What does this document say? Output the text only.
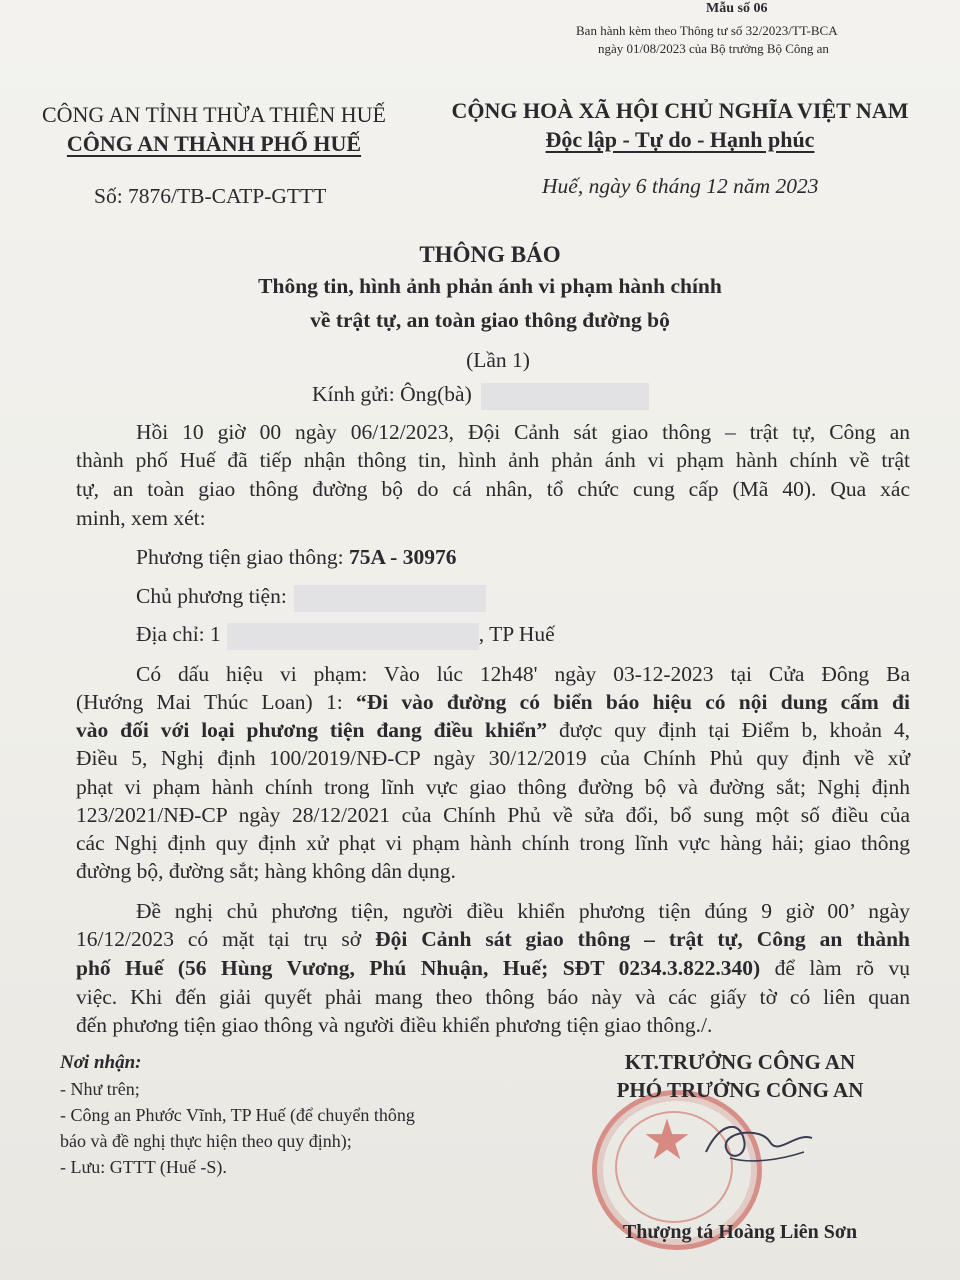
Mẫu số 06
Ban hành kèm theo Thông tư số 32/2023/TT-BCA
ngày 01/08/2023 của Bộ trưởng Bộ Công an
CÔNG AN TỈNH THỪA THIÊN HUẾ
CÔNG AN THÀNH PHỐ HUẾ
CỘNG HOÀ XÃ HỘI CHỦ NGHĨA VIỆT NAM
Độc lập - Tự do - Hạnh phúc
Số: 7876/TB-CATP-GTTT	Huế, ngày 6 tháng 12 năm 2023
THÔNG BÁO
Thông tin, hình ảnh phản ánh vi phạm hành chính
về trật tự, an toàn giao thông đường bộ
(Lần 1)
Kính gửi: Ông(bà)
Hồi 10 giờ 00 ngày 06/12/2023, Đội Cảnh sát giao thông – trật tự, Công an
thành phố Huế đã tiếp nhận thông tin, hình ảnh phản ánh vi phạm hành chính về trật
tự, an toàn giao thông đường bộ do cá nhân, tổ chức cung cấp (Mã 40). Qua xác
minh, xem xét:
Phương tiện giao thông: 75A - 30976
Chủ phương tiện:
Địa chỉ: 1	, TP Huế
Có dấu hiệu vi phạm: Vào lúc 12h48' ngày 03-12-2023 tại Cửa Đông Ba
(Hướng Mai Thúc Loan) 1: “Đi vào đường có biển báo hiệu có nội dung cấm đi
vào đối với loại phương tiện đang điều khiển” được quy định tại Điểm b, khoản 4,
Điều 5, Nghị định 100/2019/NĐ-CP ngày 30/12/2019 của Chính Phủ quy định về xử
phạt vi phạm hành chính trong lĩnh vực giao thông đường bộ và đường sắt; Nghị định
123/2021/NĐ-CP ngày 28/12/2021 của Chính Phủ về sửa đổi, bổ sung một số điều của
các Nghị định quy định xử phạt vi phạm hành chính trong lĩnh vực hàng hải; giao thông
đường bộ, đường sắt; hàng không dân dụng.
Đề nghị chủ phương tiện, người điều khiển phương tiện đúng 9 giờ 00’ ngày
16/12/2023 có mặt tại trụ sở Đội Cảnh sát giao thông – trật tự, Công an thành
phố Huế (56 Hùng Vương, Phú Nhuận, Huế; SĐT 0234.3.822.340) để làm rõ vụ
việc. Khi đến giải quyết phải mang theo thông báo này và các giấy tờ có liên quan
đến phương tiện giao thông và người điều khiển phương tiện giao thông./.
Nơi nhận:
- Như trên;
- Công an Phước Vĩnh, TP Huế (để chuyển thông
báo và đề nghị thực hiện theo quy định);
- Lưu: GTTT (Huế -S).	★
KT.TRƯỞNG CÔNG AN
PHÓ TRƯỞNG CÔNG AN
Thượng tá Hoàng Liên Sơn
